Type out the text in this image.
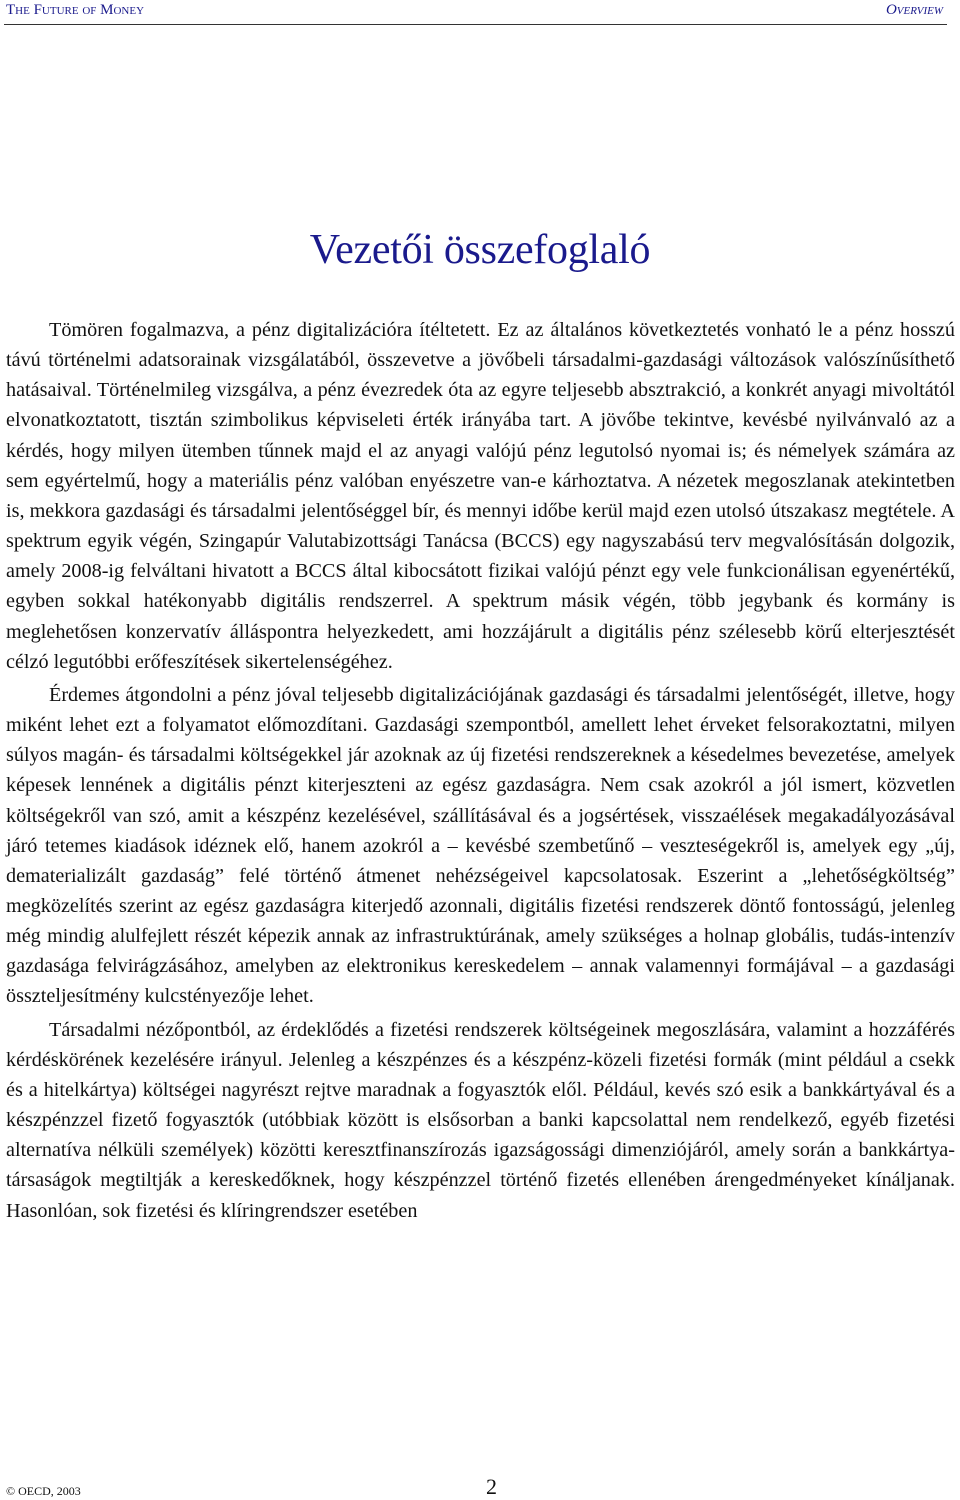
The Future of Money	Overview
Vezetői összefoglaló

Tömören fogalmazva, a pénz digitalizációra ítéltetett. Ez az általános következtetés vonható le a pénz hosszú távú történelmi adatsorainak vizsgálatából, összevetve a jövőbeli társadalmi-gazdasági változások valószínűsíthető hatásaival. Történelmileg vizsgálva, a pénz évezredek óta az egyre teljesebb absztrakció, a konkrét anyagi mivoltától elvonatkoztatott, tisztán szimbolikus képviseleti érték irányába tart. A jövőbe tekintve, kevésbé nyilvánvaló az a kérdés, hogy milyen ütemben tűnnek majd el az anyagi valójú pénz legutolsó nyomai is; és némelyek számára az sem egyértelmű, hogy a materiális pénz valóban enyészetre van-e kárhoztatva. A nézetek megoszlanak atekintetben is, mekkora gazdasági és társadalmi jelentőséggel bír, és mennyi időbe kerül majd ezen utolsó útszakasz megtétele. A spektrum egyik végén, Szingapúr Valutabizottsági Tanácsa (BCCS) egy nagyszabású terv megvalósításán dolgozik, amely 2008-ig felváltani hivatott a BCCS által kibocsátott fizikai valójú pénzt egy vele funkcionálisan egyenértékű, egyben sokkal hatékonyabb digitális rendszerrel. A spektrum másik végén, több jegybank és kormány is meglehetősen konzervatív álláspontra helyezkedett, ami hozzájárult a digitális pénz szélesebb körű elterjesztését célzó legutóbbi erőfeszítések sikertelenségéhez.

Érdemes átgondolni a pénz jóval teljesebb digitalizációjának gazdasági és társadalmi jelentőségét, illetve, hogy miként lehet ezt a folyamatot előmozdítani. Gazdasági szempontból, amellett lehet érveket felsorakoztatni, milyen súlyos magán- és társadalmi költségekkel jár azoknak az új fizetési rendszereknek a késedelmes bevezetése, amelyek képesek lennének a digitális pénzt kiterjeszteni az egész gazdaságra. Nem csak azokról a jól ismert, közvetlen költségekről van szó, amit a készpénz kezelésével, szállításával és a jogsértések, visszaélések megakadályozásával járó tetemes kiadások idéznek elő, hanem azokról a – kevésbé szembetűnő – veszteségekről is, amelyek egy „új, dematerializált gazdaság” felé történő átmenet nehézségeivel kapcsolatosak. Eszerint a „lehetőségköltség” megközelítés szerint az egész gazdaságra kiterjedő azonnali, digitális fizetési rendszerek döntő fontosságú, jelenleg még mindig alulfejlett részét képezik annak az infrastruktúrának, amely szükséges a holnap globális, tudás-intenzív gazdasága felvirágzásához, amelyben az elektronikus kereskedelem – annak valamennyi formájával – a gazdasági összteljesítmény kulcstényezője lehet.

Társadalmi nézőpontból, az érdeklődés a fizetési rendszerek költségeinek megoszlására, valamint a hozzáférés kérdéskörének kezelésére irányul. Jelenleg a készpénzes és a készpénz-közeli fizetési formák (mint például a csekk és a hitelkártya) költségei nagyrészt rejtve maradnak a fogyasztók elől. Például, kevés szó esik a bankkártyával és a készpénzzel fizető fogyasztók (utóbbiak között is elsősorban a banki kapcsolattal nem rendelkező, egyéb fizetési alternatíva nélküli személyek) közötti keresztfinanszírozás igazságossági dimenziójáról, amely során a bankkártya-társaságok megtiltják a kereskedőknek, hogy készpénzzel történő fizetés ellenében árengedményeket kínáljanak. Hasonlóan, sok fizetési és klíringrendszer esetében

© OECD, 2003	2
